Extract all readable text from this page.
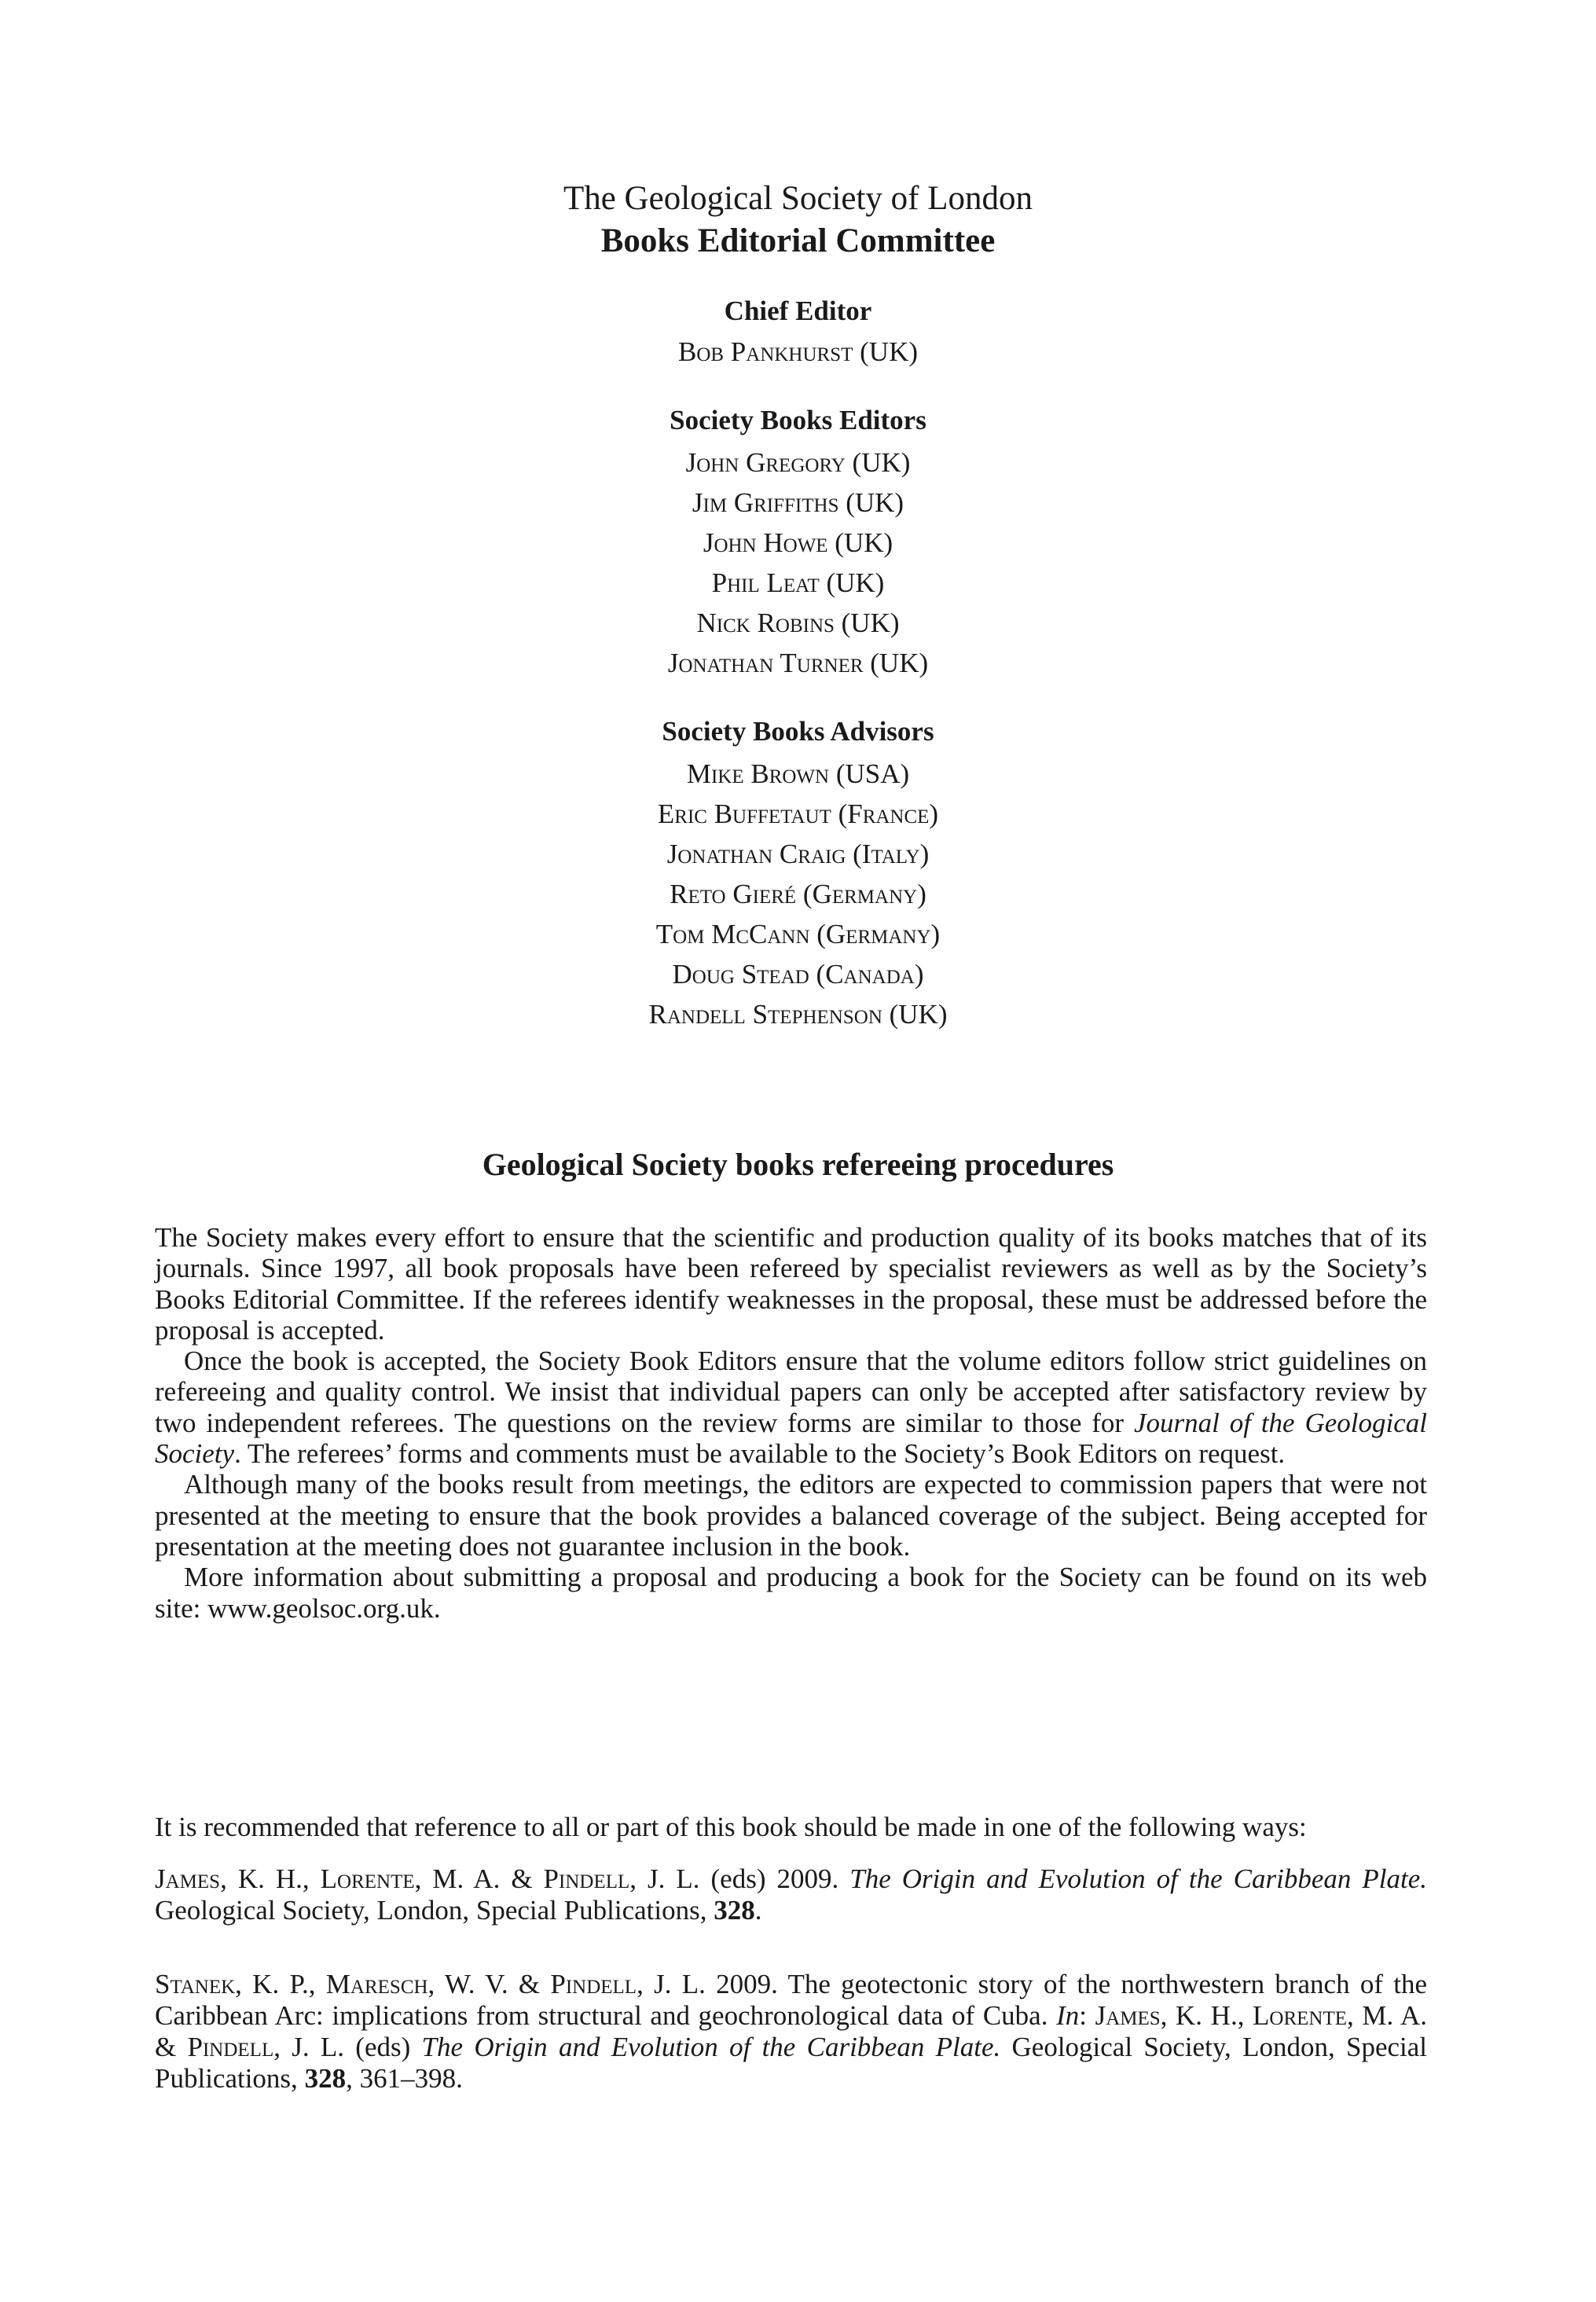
The Geological Society of London
Books Editorial Committee
Chief Editor
Bob Pankhurst (UK)
Society Books Editors
John Gregory (UK)
Jim Griffiths (UK)
John Howe (UK)
Phil Leat (UK)
Nick Robins (UK)
Jonathan Turner (UK)
Society Books Advisors
Mike Brown (USA)
Eric Buffetaut (France)
Jonathan Craig (Italy)
Reto Gieré (Germany)
Tom McCann (Germany)
Doug Stead (Canada)
Randell Stephenson (UK)
Geological Society books refereeing procedures

The Society makes every effort to ensure that the scientific and production quality of its books matches that of its journals. Since 1997, all book proposals have been refereed by specialist reviewers as well as by the Society’s Books Editorial Committee. If the referees identify weaknesses in the proposal, these must be addressed before the proposal is accepted.

Once the book is accepted, the Society Book Editors ensure that the volume editors follow strict guidelines on refereeing and quality control. We insist that individual papers can only be accepted after satisfactory review by two independent referees. The questions on the review forms are similar to those for Journal of the Geological Society. The referees’ forms and comments must be available to the Society’s Book Editors on request.

Although many of the books result from meetings, the editors are expected to commission papers that were not presented at the meeting to ensure that the book provides a balanced coverage of the subject. Being accepted for presentation at the meeting does not guarantee inclusion in the book.

More information about submitting a proposal and producing a book for the Society can be found on its web site: www.geolsoc.org.uk.

It is recommended that reference to all or part of this book should be made in one of the following ways:
James, K. H., Lorente, M. A. & Pindell, J. L. (eds) 2009. The Origin and Evolution of the Caribbean Plate. Geological Society, London, Special Publications, 328.
Stanek, K. P., Maresch, W. V. & Pindell, J. L. 2009. The geotectonic story of the northwestern branch of the Caribbean Arc: implications from structural and geochronological data of Cuba. In: James, K. H., Lorente, M. A. & Pindell, J. L. (eds) The Origin and Evolution of the Caribbean Plate. Geological Society, London, Special Publications, 328, 361–398.
